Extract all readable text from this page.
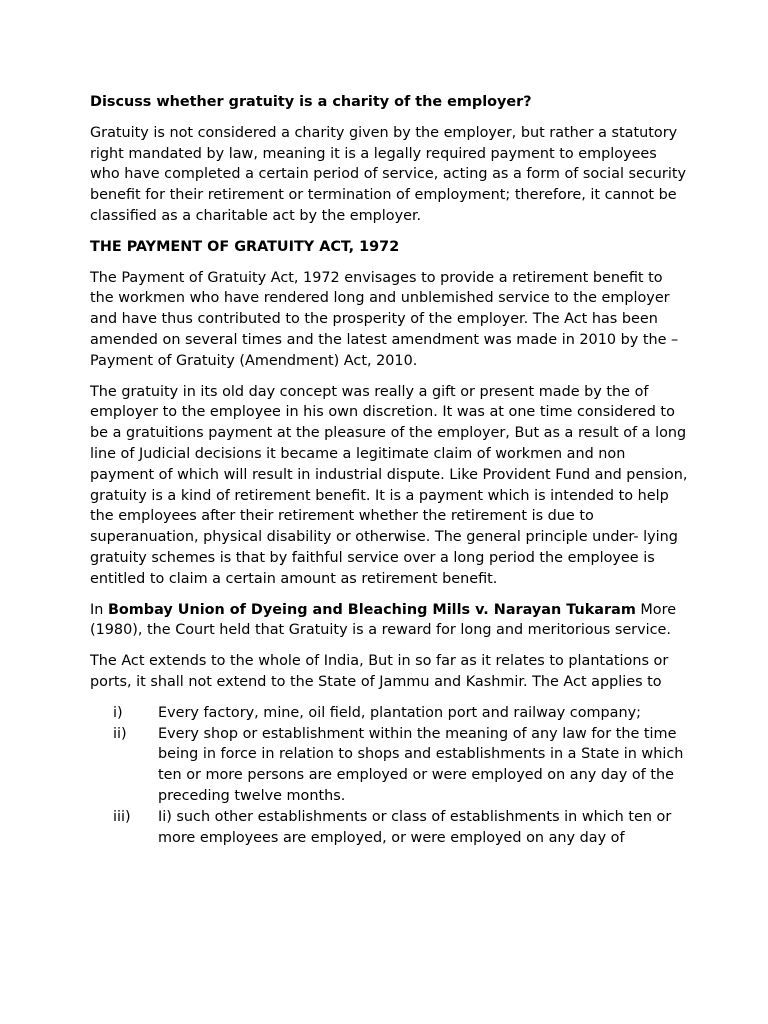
Discuss whether gratuity is a charity of the employer?

Gratuity is not considered a charity given by the employer, but rather a statutory right mandated by law, meaning it is a legally required payment to employees who have completed a certain period of service, acting as a form of social security benefit for their retirement or termination of employment; therefore, it cannot be classified as a charitable act by the employer.

THE PAYMENT OF GRATUITY ACT, 1972

The Payment of Gratuity Act, 1972 envisages to provide a retirement benefit to the workmen who have rendered long and unblemished service to the employer and have thus contributed to the prosperity of the employer. The Act has been amended on several times and the latest amendment was made in 2010 by the – Payment of Gratuity (Amendment) Act, 2010.

The gratuity in its old day concept was really a gift or present made by the of employer to the employee in his own discretion. It was at one time considered to be a gratuitions payment at the pleasure of the employer, But as a result of a long line of Judicial decisions it became a legitimate claim of workmen and non payment of which will result in industrial dispute. Like Provident Fund and pension, gratuity is a kind of retirement benefit. It is a payment which is intended to help the employees after their retirement whether the retirement is due to superanuation, physical disability or otherwise. The general principle under- lying gratuity schemes is that by faithful service over a long period the employee is entitled to claim a certain amount as retirement benefit.

In Bombay Union of Dyeing and Bleaching Mills v. Narayan Tukaram More (1980), the Court held that Gratuity is a reward for long and meritorious service.

The Act extends to the whole of India, But in so far as it relates to plantations or ports, it shall not extend to the State of Jammu and Kashmir. The Act applies to

i)	Every factory, mine, oil field, plantation port and railway company;
ii)	Every shop or establishment within the meaning of any law for the time being in force in relation to shops and establishments in a State in which ten or more persons are employed or were employed on any day of the preceding twelve months.
iii)	Ii) such other establishments or class of establishments in which ten or more employees are employed, or were employed on any day of
